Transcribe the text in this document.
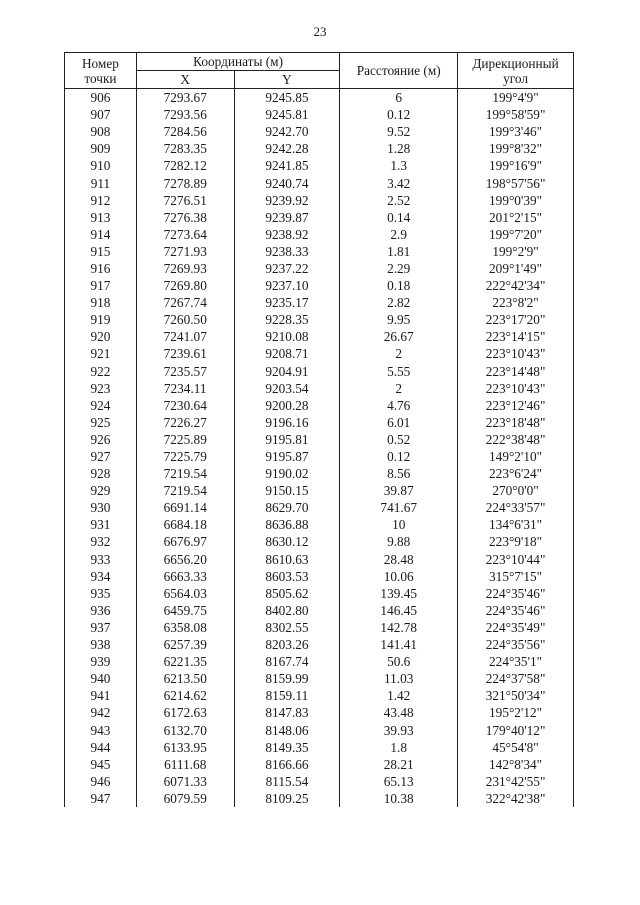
23
Номер точки	Координаты (м)		Расстояние (м)	Дирекционный угол
	X	Y		
906	7293.67	9245.85	6	199°4'9"
907	7293.56	9245.81	0.12	199°58'59"
908	7284.56	9242.70	9.52	199°3'46"
909	7283.35	9242.28	1.28	199°8'32"
910	7282.12	9241.85	1.3	199°16'9"
911	7278.89	9240.74	3.42	198°57'56"
912	7276.51	9239.92	2.52	199°0'39"
913	7276.38	9239.87	0.14	201°2'15"
914	7273.64	9238.92	2.9	199°7'20"
915	7271.93	9238.33	1.81	199°2'9"
916	7269.93	9237.22	2.29	209°1'49"
917	7269.80	9237.10	0.18	222°42'34"
918	7267.74	9235.17	2.82	223°8'2"
919	7260.50	9228.35	9.95	223°17'20"
920	7241.07	9210.08	26.67	223°14'15"
921	7239.61	9208.71	2	223°10'43"
922	7235.57	9204.91	5.55	223°14'48"
923	7234.11	9203.54	2	223°10'43"
924	7230.64	9200.28	4.76	223°12'46"
925	7226.27	9196.16	6.01	223°18'48"
926	7225.89	9195.81	0.52	222°38'48"
927	7225.79	9195.87	0.12	149°2'10"
928	7219.54	9190.02	8.56	223°6'24"
929	7219.54	9150.15	39.87	270°0'0"
930	6691.14	8629.70	741.67	224°33'57"
931	6684.18	8636.88	10	134°6'31"
932	6676.97	8630.12	9.88	223°9'18"
933	6656.20	8610.63	28.48	223°10'44"
934	6663.33	8603.53	10.06	315°7'15"
935	6564.03	8505.62	139.45	224°35'46"
936	6459.75	8402.80	146.45	224°35'46"
937	6358.08	8302.55	142.78	224°35'49"
938	6257.39	8203.26	141.41	224°35'56"
939	6221.35	8167.74	50.6	224°35'1"
940	6213.50	8159.99	11.03	224°37'58"
941	6214.62	8159.11	1.42	321°50'34"
942	6172.63	8147.83	43.48	195°2'12"
943	6132.70	8148.06	39.93	179°40'12"
944	6133.95	8149.35	1.8	45°54'8"
945	6111.68	8166.66	28.21	142°8'34"
946	6071.33	8115.54	65.13	231°42'55"
947	6079.59	8109.25	10.38	322°42'38"
